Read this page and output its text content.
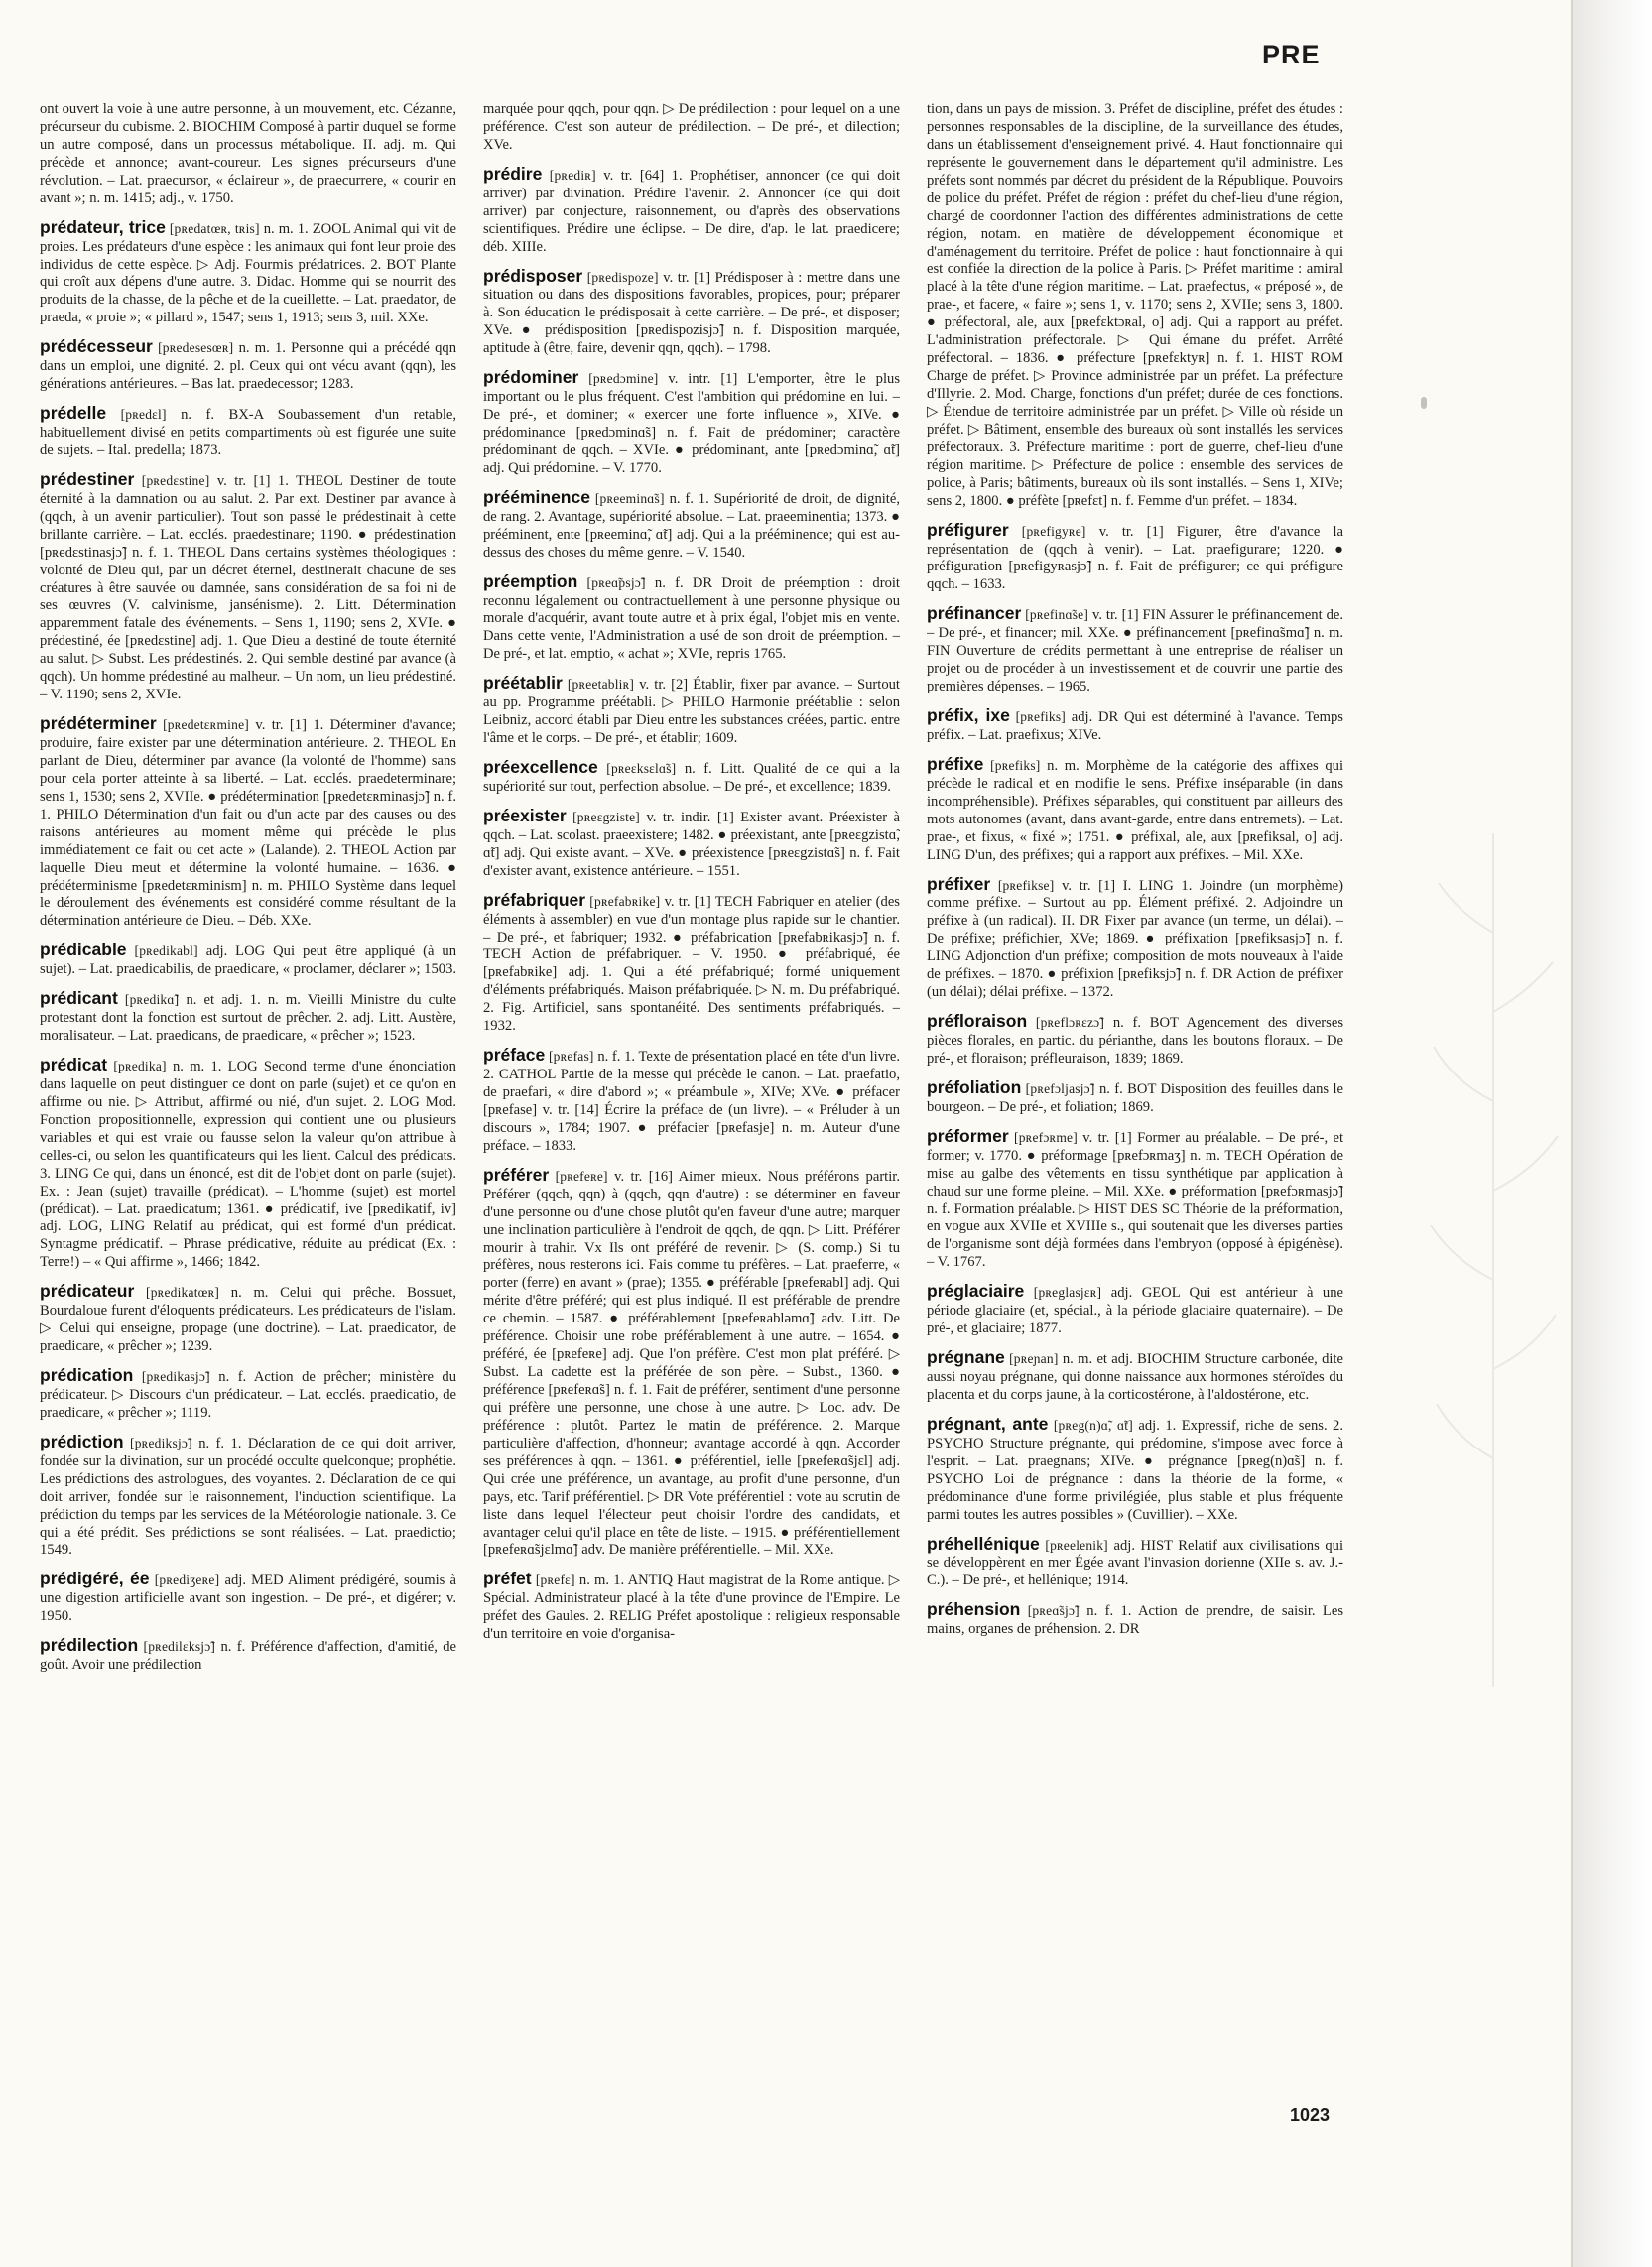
PRE

ont ouvert la voie à une autre personne, à un mouvement, etc. Cézanne, précurseur du cubisme. 2. BIOCHIM Composé à partir duquel se forme un autre composé, dans un processus métabolique. II. adj. m. Qui précède et annonce; avant-coureur. Les signes précurseurs d'une révolution. – Lat. praecursor, « éclaireur », de praecurrere, « courir en avant »; n. m. 1415; adj., v. 1750.

prédateur, trice [pʀedatœʀ, tʀis] n. m. 1. ZOOL Animal qui vit de proies. Les prédateurs d'une espèce : les animaux qui font leur proie des individus de cette espèce. ▷ Adj. Fourmis prédatrices. 2. BOT Plante qui croît aux dépens d'une autre. 3. Didac. Homme qui se nourrit des produits de la chasse, de la pêche et de la cueillette. – Lat. praedator, de praeda, « proie »; « pillard », 1547; sens 1, 1913; sens 3, mil. XXe.

prédécesseur [pʀedesesœʀ] n. m. 1. Personne qui a précédé qqn dans un emploi, une dignité. 2. pl. Ceux qui ont vécu avant (qqn), les générations antérieures. – Bas lat. praedecessor; 1283.

prédelle [pʀedɛl] n. f. BX-A Soubassement d'un retable, habituellement divisé en petits compartiments où est figurée une suite de sujets. – Ital. predella; 1873.

prédestiner [pʀedɛstine] v. tr. [1] 1. THEOL Destiner de toute éternité à la damnation ou au salut. 2. Par ext. Destiner par avance à (qqch, à un avenir particulier). Tout son passé le prédestinait à cette brillante carrière. – Lat. ecclés. praedestinare; 1190. ● prédestination [pʀedɛstinasjɔ̃] n. f. 1. THEOL Dans certains systèmes théologiques : volonté de Dieu qui, par un décret éternel, destinerait chacune de ses créatures à être sauvée ou damnée, sans considération de sa foi ni de ses œuvres (V. calvinisme, jansénisme). 2. Litt. Détermination apparemment fatale des événements. – Sens 1, 1190; sens 2, XVIe. ● prédestiné, ée [pʀedɛstine] adj. 1. Que Dieu a destiné de toute éternité au salut. ▷ Subst. Les prédestinés. 2. Qui semble destiné par avance (à qqch). Un homme prédestiné au malheur. – Un nom, un lieu prédestiné. – V. 1190; sens 2, XVIe.

prédéterminer [pʀedetɛʀmine] v. tr. [1] 1. Déterminer d'avance; produire, faire exister par une détermination antérieure. 2. THEOL En parlant de Dieu, déterminer par avance (la volonté de l'homme) sans pour cela porter atteinte à sa liberté. – Lat. ecclés. praedeterminare; sens 1, 1530; sens 2, XVIIe. ● prédétermination [pʀedetɛʀminasjɔ̃] n. f. 1. PHILO Détermination d'un fait ou d'un acte par des causes ou des raisons antérieures au moment même qui précède le plus immédiatement ce fait ou cet acte » (Lalande). 2. THEOL Action par laquelle Dieu meut et détermine la volonté humaine. – 1636. ● prédéterminisme [pʀedetɛʀminism] n. m. PHILO Système dans lequel le déroulement des événements est considéré comme résultant de la détermination antérieure de Dieu. – Déb. XXe.

prédicable [pʀedikabl] adj. LOG Qui peut être appliqué (à un sujet). – Lat. praedicabilis, de praedicare, « proclamer, déclarer »; 1503.

prédicant [pʀedikɑ̃] n. et adj. 1. n. m. Vieilli Ministre du culte protestant dont la fonction est surtout de prêcher. 2. adj. Litt. Austère, moralisateur. – Lat. praedicans, de praedicare, « prêcher »; 1523.

prédicat [pʀedika] n. m. 1. LOG Second terme d'une énonciation dans laquelle on peut distinguer ce dont on parle (sujet) et ce qu'on en affirme ou nie. ▷ Attribut, affirmé ou nié, d'un sujet. 2. LOG Mod. Fonction propositionnelle, expression qui contient une ou plusieurs variables et qui est vraie ou fausse selon la valeur qu'on attribue à celles-ci, ou selon les quantificateurs qui les lient. Calcul des prédicats. 3. LING Ce qui, dans un énoncé, est dit de l'objet dont on parle (sujet). Ex. : Jean (sujet) travaille (prédicat). – L'homme (sujet) est mortel (prédicat). – Lat. praedicatum; 1361. ● prédicatif, ive [pʀedikatif, iv] adj. LOG, LING Relatif au prédicat, qui est formé d'un prédicat. Syntagme prédicatif. – Phrase prédicative, réduite au prédicat (Ex. : Terre!) – « Qui affirme », 1466; 1842.

prédicateur [pʀedikatœʀ] n. m. Celui qui prêche. Bossuet, Bourdaloue furent d'éloquents prédicateurs. Les prédicateurs de l'islam. ▷ Celui qui enseigne, propage (une doctrine). – Lat. praedicator, de praedicare, « prêcher »; 1239.

prédication [pʀedikasjɔ̃] n. f. Action de prêcher; ministère du prédicateur. ▷ Discours d'un prédicateur. – Lat. ecclés. praedicatio, de praedicare, « prêcher »; 1119.

prédiction [pʀediksjɔ̃] n. f. 1. Déclaration de ce qui doit arriver, fondée sur la divination, sur un procédé occulte quelconque; prophétie. Les prédictions des astrologues, des voyantes. 2. Déclaration de ce qui doit arriver, fondée sur le raisonnement, l'induction scientifique. La prédiction du temps par les services de la Météorologie nationale. 3. Ce qui a été prédit. Ses prédictions se sont réalisées. – Lat. praedictio; 1549.

prédigéré, ée [pʀediʒeʀe] adj. MED Aliment prédigéré, soumis à une digestion artificielle avant son ingestion. – De pré-, et digérer; v. 1950.

prédilection [pʀedilɛksjɔ̃] n. f. Préférence d'affection, d'amitié, de goût. Avoir une prédilection

marquée pour qqch, pour qqn. ▷ De prédilection : pour lequel on a une préférence. C'est son auteur de prédilection. – De pré-, et dilection; XVe.

prédire [pʀediʀ] v. tr. [64] 1. Prophétiser, annoncer (ce qui doit arriver) par divination. Prédire l'avenir. 2. Annoncer (ce qui doit arriver) par conjecture, raisonnement, ou d'après des observations scientifiques. Prédire une éclipse. – De dire, d'ap. le lat. praedicere; déb. XIIIe.

prédisposer [pʀedispoze] v. tr. [1] Prédisposer à : mettre dans une situation ou dans des dispositions favorables, propices, pour; préparer à. Son éducation le prédisposait à cette carrière. – De pré-, et disposer; XVe. ● prédisposition [pʀedispozisjɔ̃] n. f. Disposition marquée, aptitude à (être, faire, devenir qqn, qqch). – 1798.

prédominer [pʀedɔmine] v. intr. [1] L'emporter, être le plus important ou le plus fréquent. C'est l'ambition qui prédomine en lui. – De pré-, et dominer; « exercer une forte influence », XIVe. ● prédominance [pʀedɔminɑ̃s] n. f. Fait de prédominer; caractère prédominant de qqch. – XVIe. ● prédominant, ante [pʀedɔminɑ̃, ɑ̃t] adj. Qui prédomine. – V. 1770.

prééminence [pʀeeminɑ̃s] n. f. 1. Supériorité de droit, de dignité, de rang. 2. Avantage, supériorité absolue. – Lat. praeeminentia; 1373. ● prééminent, ente [pʀeeminɑ̃, ɑ̃t] adj. Qui a la prééminence; qui est au-dessus des choses du même genre. – V. 1540.

préemption [pʀeɑ̃psjɔ̃] n. f. DR Droit de préemption : droit reconnu légalement ou contractuellement à une personne physique ou morale d'acquérir, avant toute autre et à prix égal, l'objet mis en vente. Dans cette vente, l'Administration a usé de son droit de préemption. – De pré-, et lat. emptio, « achat »; XVIe, repris 1765.

préétablir [pʀeetabliʀ] v. tr. [2] Établir, fixer par avance. – Surtout au pp. Programme préétabli. ▷ PHILO Harmonie préétablie : selon Leibniz, accord établi par Dieu entre les substances créées, partic. entre l'âme et le corps. – De pré-, et établir; 1609.

préexcellence [pʀeɛksɛlɑ̃s] n. f. Litt. Qualité de ce qui a la supériorité sur tout, perfection absolue. – De pré-, et excellence; 1839.

préexister [pʀeɛgziste] v. tr. indir. [1] Exister avant. Préexister à qqch. – Lat. scolast. praeexistere; 1482. ● préexistant, ante [pʀeɛgzistɑ̃, ɑ̃t] adj. Qui existe avant. – XVe. ● préexistence [pʀeɛgzistɑ̃s] n. f. Fait d'exister avant, existence antérieure. – 1551.

préfabriquer [pʀefabʀike] v. tr. [1] TECH Fabriquer en atelier (des éléments à assembler) en vue d'un montage plus rapide sur le chantier. – De pré-, et fabriquer; 1932. ● préfabrication [pʀefabʀikasjɔ̃] n. f. TECH Action de préfabriquer. – V. 1950. ● préfabriqué, ée [pʀefabʀike] adj. 1. Qui a été préfabriqué; formé uniquement d'éléments préfabriqués. Maison préfabriquée. ▷ N. m. Du préfabriqué. 2. Fig. Artificiel, sans spontanéité. Des sentiments préfabriqués. – 1932.

préface [pʀefas] n. f. 1. Texte de présentation placé en tête d'un livre. 2. CATHOL Partie de la messe qui précède le canon. – Lat. praefatio, de praefari, « dire d'abord »; « préambule », XIVe; XVe. ● préfacer [pʀefase] v. tr. [14] Écrire la préface de (un livre). – « Préluder à un discours », 1784; 1907. ● préfacier [pʀefasje] n. m. Auteur d'une préface. – 1833.

préférer [pʀefeʀe] v. tr. [16] Aimer mieux. Nous préférons partir. Préférer (qqch, qqn) à (qqch, qqn d'autre) : se déterminer en faveur d'une personne ou d'une chose plutôt qu'en faveur d'une autre; marquer une inclination particulière à l'endroit de qqch, de qqn. ▷ Litt. Préférer mourir à trahir. Vx Ils ont préféré de revenir. ▷ (S. comp.) Si tu préfères, nous resterons ici. Fais comme tu préfères. – Lat. praeferre, « porter (ferre) en avant » (prae); 1355. ● préférable [pʀefeʀabl] adj. Qui mérite d'être préféré; qui est plus indiqué. Il est préférable de prendre ce chemin. – 1587. ● préférablement [pʀefeʀabləmɑ̃] adv. Litt. De préférence. Choisir une robe préférablement à une autre. – 1654. ● préféré, ée [pʀefeʀe] adj. Que l'on préfère. C'est mon plat préféré. ▷ Subst. La cadette est la préférée de son père. – Subst., 1360. ● préférence [pʀefeʀɑ̃s] n. f. 1. Fait de préférer, sentiment d'une personne qui préfère une personne, une chose à une autre. ▷ Loc. adv. De préférence : plutôt. Partez le matin de préférence. 2. Marque particulière d'affection, d'honneur; avantage accordé à qqn. Accorder ses préférences à qqn. – 1361. ● préférentiel, ielle [pʀefeʀɑ̃sjɛl] adj. Qui crée une préférence, un avantage, au profit d'une personne, d'un pays, etc. Tarif préférentiel. ▷ DR Vote préférentiel : vote au scrutin de liste dans lequel l'électeur peut choisir l'ordre des candidats, et avantager celui qu'il place en tête de liste. – 1915. ● préférentiellement [pʀefeʀɑ̃sjɛlmɑ̃] adv. De manière préférentielle. – Mil. XXe.

préfet [pʀefɛ] n. m. 1. ANTIQ Haut magistrat de la Rome antique. ▷ Spécial. Administrateur placé à la tête d'une province de l'Empire. Le préfet des Gaules. 2. RELIG Préfet apostolique : religieux responsable d'un territoire en voie d'organisa-

tion, dans un pays de mission. 3. Préfet de discipline, préfet des études : personnes responsables de la discipline, de la surveillance des études, dans un établissement d'enseignement privé. 4. Haut fonctionnaire qui représente le gouvernement dans le département qu'il administre. Les préfets sont nommés par décret du président de la République. Pouvoirs de police du préfet. Préfet de région : préfet du chef-lieu d'une région, chargé de coordonner l'action des différentes administrations de cette région, notam. en matière de développement économique et d'aménagement du territoire. Préfet de police : haut fonctionnaire à qui est confiée la direction de la police à Paris. ▷ Préfet maritime : amiral placé à la tête d'une région maritime. – Lat. praefectus, « préposé », de prae-, et facere, « faire »; sens 1, v. 1170; sens 2, XVIIe; sens 3, 1800. ● préfectoral, ale, aux [pʀefɛktɔʀal, o] adj. Qui a rapport au préfet. L'administration préfectorale. ▷ Qui émane du préfet. Arrêté préfectoral. – 1836. ● préfecture [pʀefɛktyʀ] n. f. 1. HIST ROM Charge de préfet. ▷ Province administrée par un préfet. La préfecture d'Illyrie. 2. Mod. Charge, fonctions d'un préfet; durée de ces fonctions. ▷ Étendue de territoire administrée par un préfet. ▷ Ville où réside un préfet. ▷ Bâtiment, ensemble des bureaux où sont installés les services préfectoraux. 3. Préfecture maritime : port de guerre, chef-lieu d'une région maritime. ▷ Préfecture de police : ensemble des services de police, à Paris; bâtiments, bureaux où ils sont installés. – Sens 1, XIVe; sens 2, 1800. ● préfète [pʀefɛt] n. f. Femme d'un préfet. – 1834.

préfigurer [pʀefigyʀe] v. tr. [1] Figurer, être d'avance la représentation de (qqch à venir). – Lat. praefigurare; 1220. ● préfiguration [pʀefigyʀasjɔ̃] n. f. Fait de préfigurer; ce qui préfigure qqch. – 1633.

préfinancer [pʀefinɑ̃se] v. tr. [1] FIN Assurer le préfinancement de. – De pré-, et financer; mil. XXe. ● préfinancement [pʀefinɑ̃smɑ̃] n. m. FIN Ouverture de crédits permettant à une entreprise de réaliser un projet ou de procéder à un investissement et de couvrir une partie des premières dépenses. – 1965.

préfix, ixe [pʀefiks] adj. DR Qui est déterminé à l'avance. Temps préfix. – Lat. praefixus; XIVe.

préfixe [pʀefiks] n. m. Morphème de la catégorie des affixes qui précède le radical et en modifie le sens. Préfixe inséparable (in dans incompréhensible). Préfixes séparables, qui constituent par ailleurs des mots autonomes (avant, dans avant-garde, entre dans entremets). – Lat. prae-, et fixus, « fixé »; 1751. ● préfixal, ale, aux [pʀefiksal, o] adj. LING D'un, des préfixes; qui a rapport aux préfixes. – Mil. XXe.

préfixer [pʀefikse] v. tr. [1] I. LING 1. Joindre (un morphème) comme préfixe. – Surtout au pp. Élément préfixé. 2. Adjoindre un préfixe à (un radical). II. DR Fixer par avance (un terme, un délai). – De préfixe; préfichier, XVe; 1869. ● préfixation [pʀefiksasjɔ̃] n. f. LING Adjonction d'un préfixe; composition de mots nouveaux à l'aide de préfixes. – 1870. ● préfixion [pʀefiksjɔ̃] n. f. DR Action de préfixer (un délai); délai préfixe. – 1372.

préfloraison [pʀeflɔʀɛzɔ̃] n. f. BOT Agencement des diverses pièces florales, en partic. du périanthe, dans les boutons floraux. – De pré-, et floraison; préfleuraison, 1839; 1869.

préfoliation [pʀefɔljasjɔ̃] n. f. BOT Disposition des feuilles dans le bourgeon. – De pré-, et foliation; 1869.

préformer [pʀefɔʀme] v. tr. [1] Former au préalable. – De pré-, et former; v. 1770. ● préformage [pʀefɔʀmaʒ] n. m. TECH Opération de mise au galbe des vêtements en tissu synthétique par application à chaud sur une forme pleine. – Mil. XXe. ● préformation [pʀefɔʀmasjɔ̃] n. f. Formation préalable. ▷ HIST DES SC Théorie de la préformation, en vogue aux XVIIe et XVIIIe s., qui soutenait que les diverses parties de l'organisme sont déjà formées dans l'embryon (opposé à épigénèse). – V. 1767.

préglaciaire [pʀeglasjɛʀ] adj. GEOL Qui est antérieur à une période glaciaire (et, spécial., à la période glaciaire quaternaire). – De pré-, et glaciaire; 1877.

prégnane [pʀeɲan] n. m. et adj. BIOCHIM Structure carbonée, dite aussi noyau prégnane, qui donne naissance aux hormones stéroïdes du placenta et du corps jaune, à la corticostérone, à l'aldostérone, etc.

prégnant, ante [pʀeg(n)ɑ̃, ɑ̃t] adj. 1. Expressif, riche de sens. 2. PSYCHO Structure prégnante, qui prédomine, s'impose avec force à l'esprit. – Lat. praegnans; XIVe. ● prégnance [pʀeg(n)ɑ̃s] n. f. PSYCHO Loi de prégnance : dans la théorie de la forme, « prédominance d'une forme privilégiée, plus stable et plus fréquente parmi toutes les autres possibles » (Cuvillier). – XXe.

préhellénique [pʀeelenik] adj. HIST Relatif aux civilisations qui se développèrent en mer Égée avant l'invasion dorienne (XIIe s. av. J.-C.). – De pré-, et hellénique; 1914.

préhension [pʀeɑ̃sjɔ̃] n. f. 1. Action de prendre, de saisir. Les mains, organes de préhension. 2. DR

1023
